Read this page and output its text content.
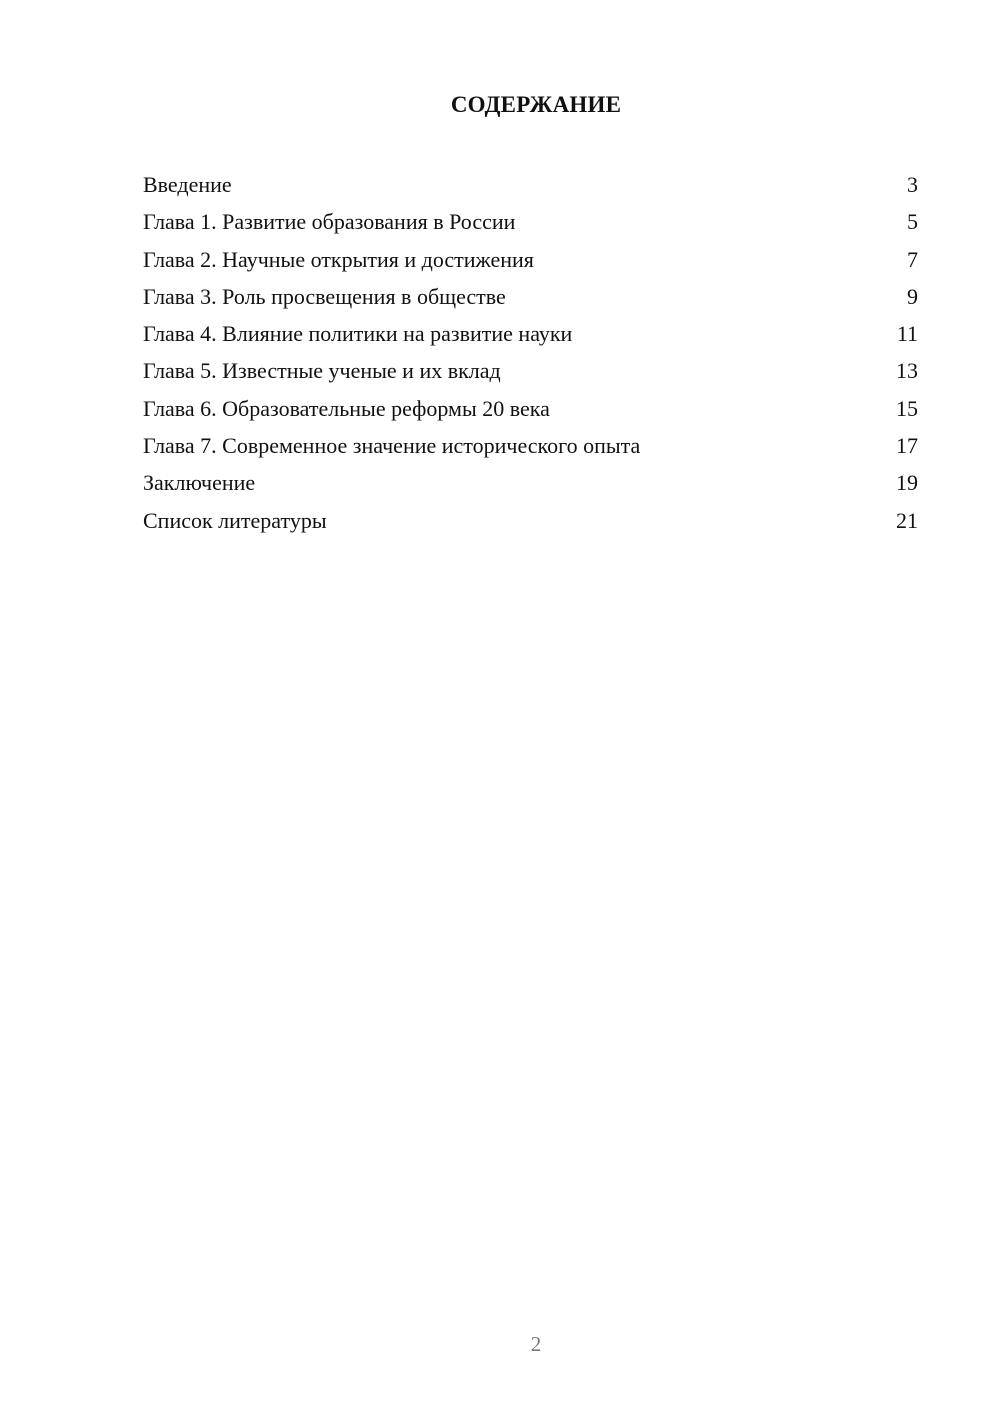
СОДЕРЖАНИЕ
Введение	3
Глава 1. Развитие образования в России	5
Глава 2. Научные открытия и достижения	7
Глава 3. Роль просвещения в обществе	9
Глава 4. Влияние политики на развитие науки	11
Глава 5. Известные ученые и их вклад	13
Глава 6. Образовательные реформы 20 века	15
Глава 7. Современное значение исторического опыта	17
Заключение	19
Список литературы	21
2
